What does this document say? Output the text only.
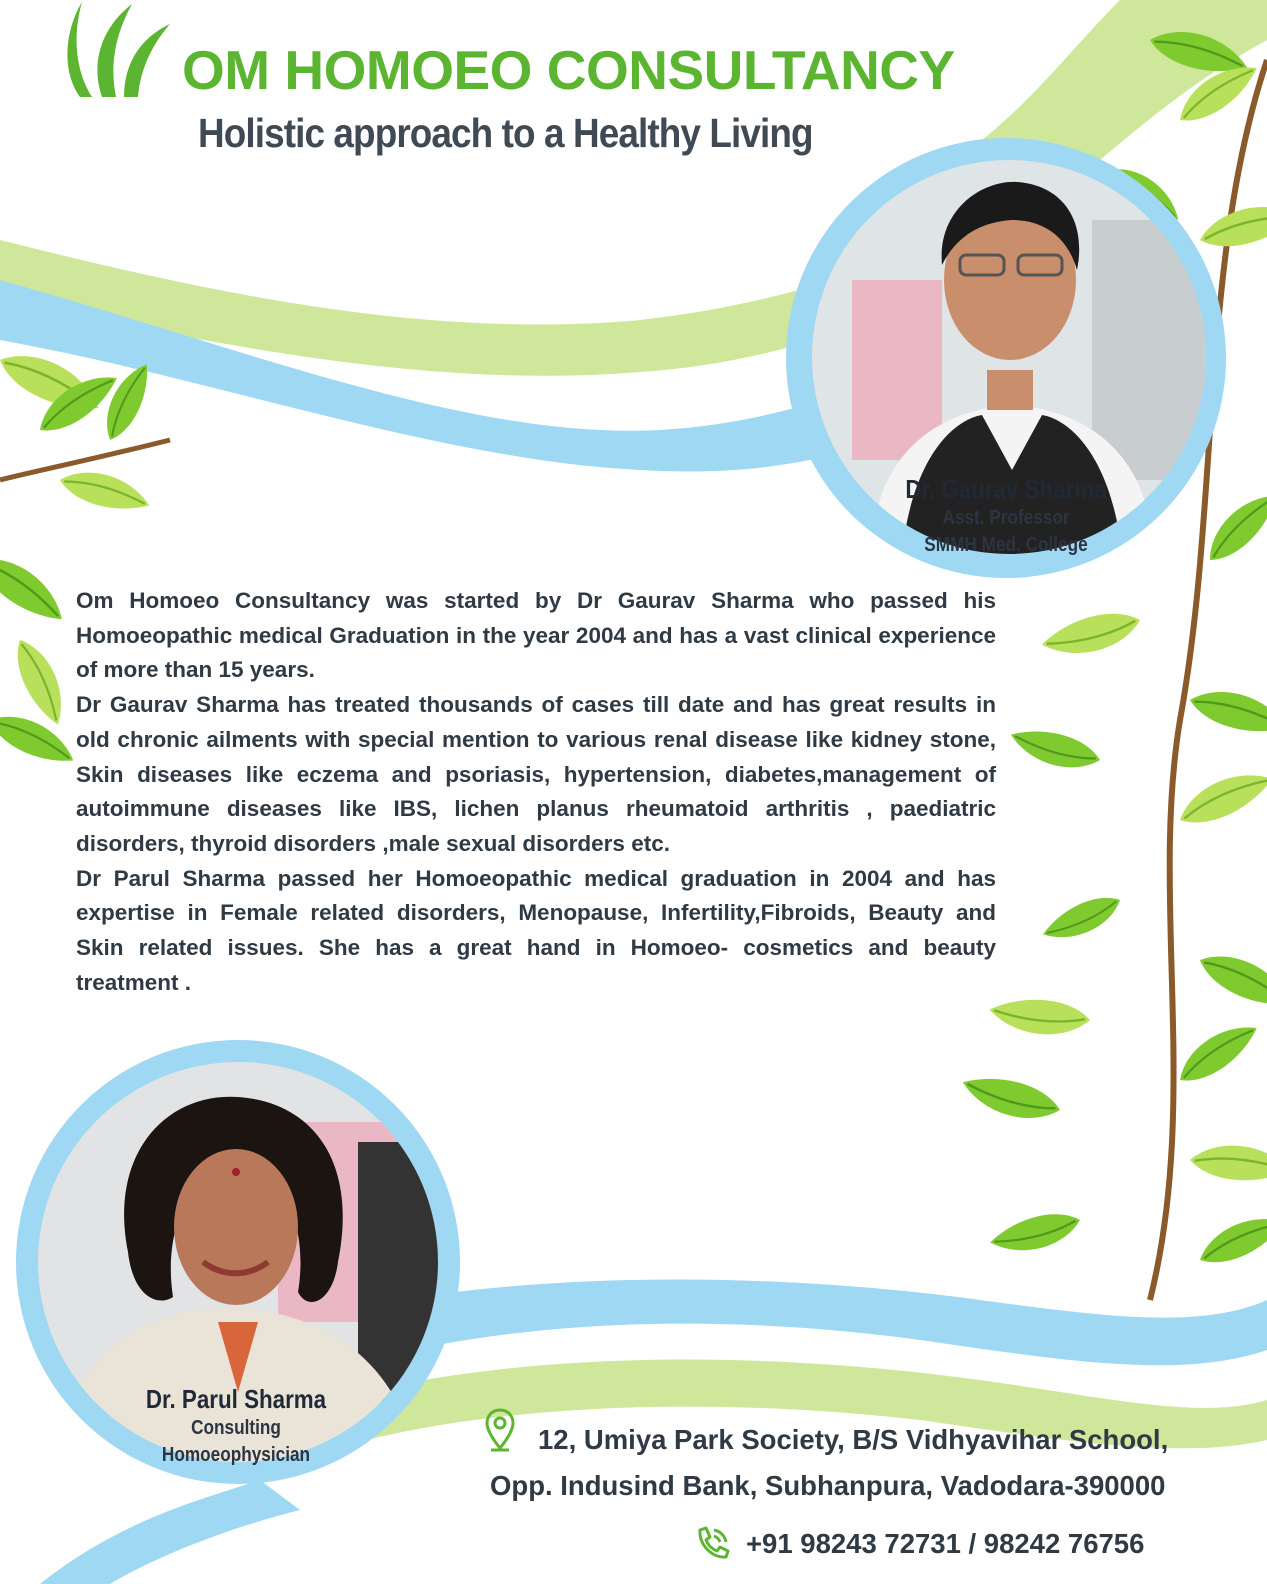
OM HOMOEO CONSULTANCY
Holistic approach to a Healthy Living
Dr. Gaurav Sharma
Asst. Professor
SMMH Med. College

Om Homoeo Consultancy was started by Dr Gaurav Sharma who passed his Homoeopathic medical Graduation in the year 2004 and has a vast clinical experience of more than 15 years.

Dr Gaurav Sharma has treated thousands of cases till date and has great results in old chronic ailments with special mention to various renal disease like kidney stone, Skin diseases like eczema and psoriasis, hypertension, diabetes,management of autoimmune diseases like IBS, lichen planus rheumatoid arthritis , paediatric disorders, thyroid disorders ,male sexual disorders etc.

Dr Parul Sharma passed her Homoeopathic medical graduation in 2004 and has expertise in Female related disorders, Menopause, Infertility,Fibroids, Beauty and Skin related issues. She has a great hand in Homoeo- cosmetics and beauty treatment .

Dr. Parul Sharma
Consulting
Homoeophysician	12, Umiya Park Society, B/S Vidhyavihar School,
Opp. Indusind Bank, Subhanpura, Vadodara-390000
+91 98243 72731 / 98242 76756
